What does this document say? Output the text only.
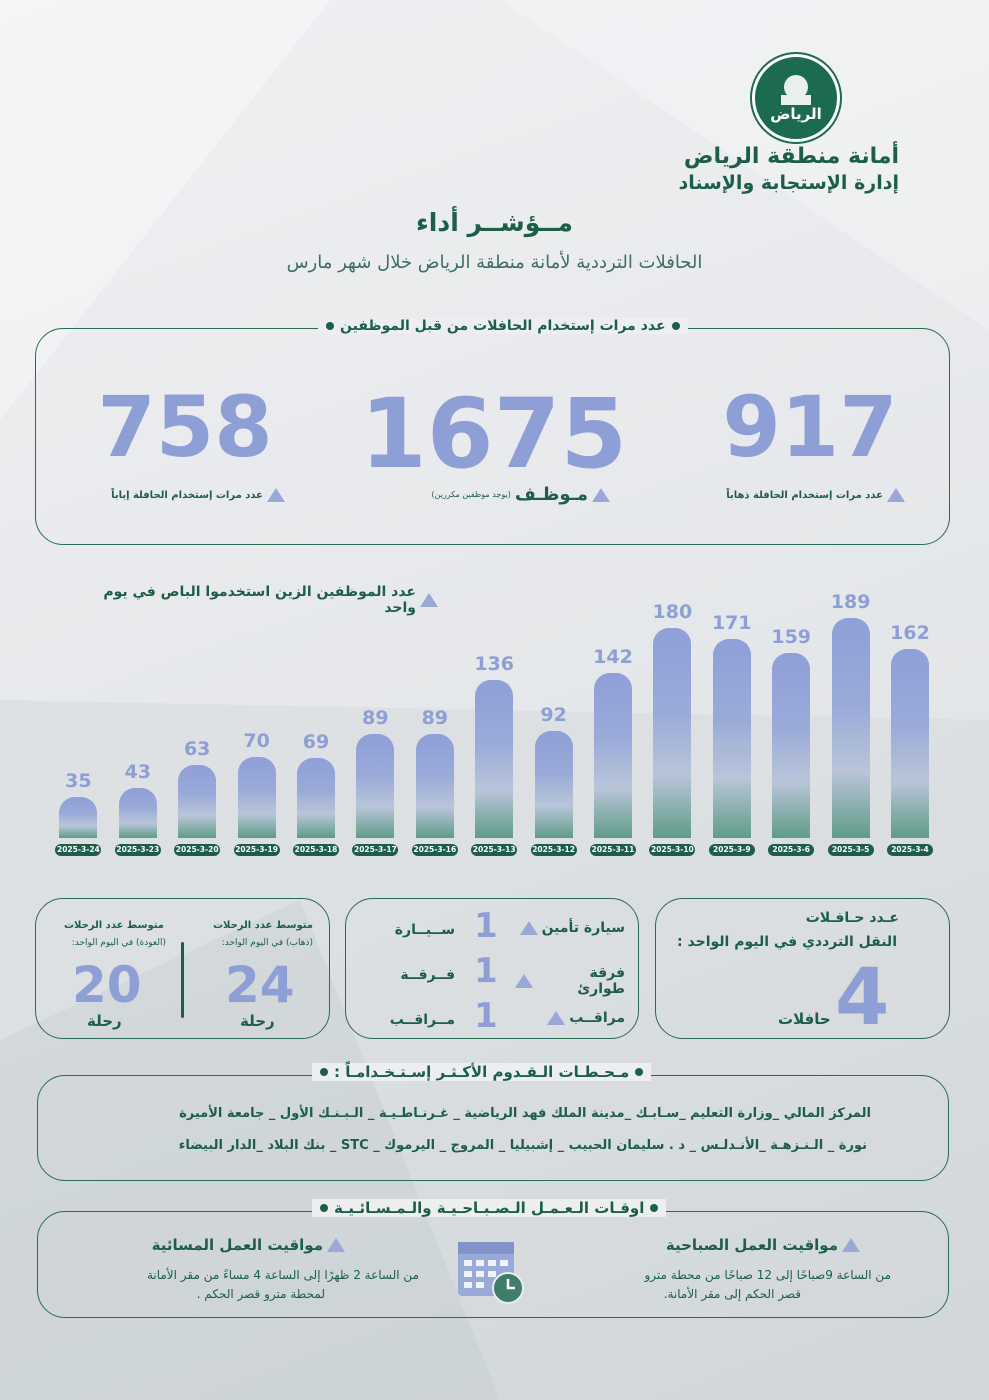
الرياض
أمانة منطقة الرياض
إدارة الإستجابة والإسناد
مــؤشــر أداء
الحافلات الترددية لأمانة منطقة الرياض خلال شهر مارس
عدد مرات إستخدام الحافلات من قبل الموظفين
917
عدد مرات إستخدام الحافلة ذهاباً
1675
مـوظـف
(يوجد موظفين مكررين)
758
عدد مرات إستخدام الحافلة إياباً
عدد الموظفين الزين استخدموا الباص في يوم واحد
162
2025-3-4
189
2025-3-5
159
2025-3-6
171
2025-3-9
180
2025-3-10
142
2025-3-11
92
2025-3-12
136
2025-3-13
89
2025-3-16
89
2025-3-17
69
2025-3-18
70
2025-3-19
63
2025-3-20
43
2025-3-23
35
2025-3-24
عـدد حـافـلات
النقل الترددي في اليوم الواحد :
4
حافلات
سيارة تأمين
1
ســيــارة
فرقة طوارئ
1
فــرقــة
مراقــب
1
مــراقــب
متوسط عدد الرحلات
(ذهاب) في اليوم الواحد:
24
رحلة
متوسط عدد الرحلات
(العودة) في اليوم الواحد:
20
رحلة
مـحـطـات الـقـدوم الأكـثـر إسـتـخـدامـاً :
المركز المالي _وزارة التعليم _سـابـك _مدينة الملك فهد الرياضية _ غـرنـاطـيـة _ الـبـنـك الأول _ جامعة الأميرة
نورة _ الـنـزهـة _الأنـدلـس _ د . سليمان الحبيب _ إشبيليا _ المروج _ اليرموك _ STC _ بنك البلاد _الدار البيضاء
اوقـات الـعـمـل الـصـبـاحـيـة والـمـسـائـيـة
مواقيت العمل الصباحية
من الساعة 9صباحًا إلى 12 صباحًا من محطة مترو
قصر الحكم إلى مقر الأمانة.
مواقيت العمل المسائية
من الساعة 2 ظهرًا إلى الساعة 4 مساءً من مقر الأمانة
لمحطة مترو قصر الحكم .
